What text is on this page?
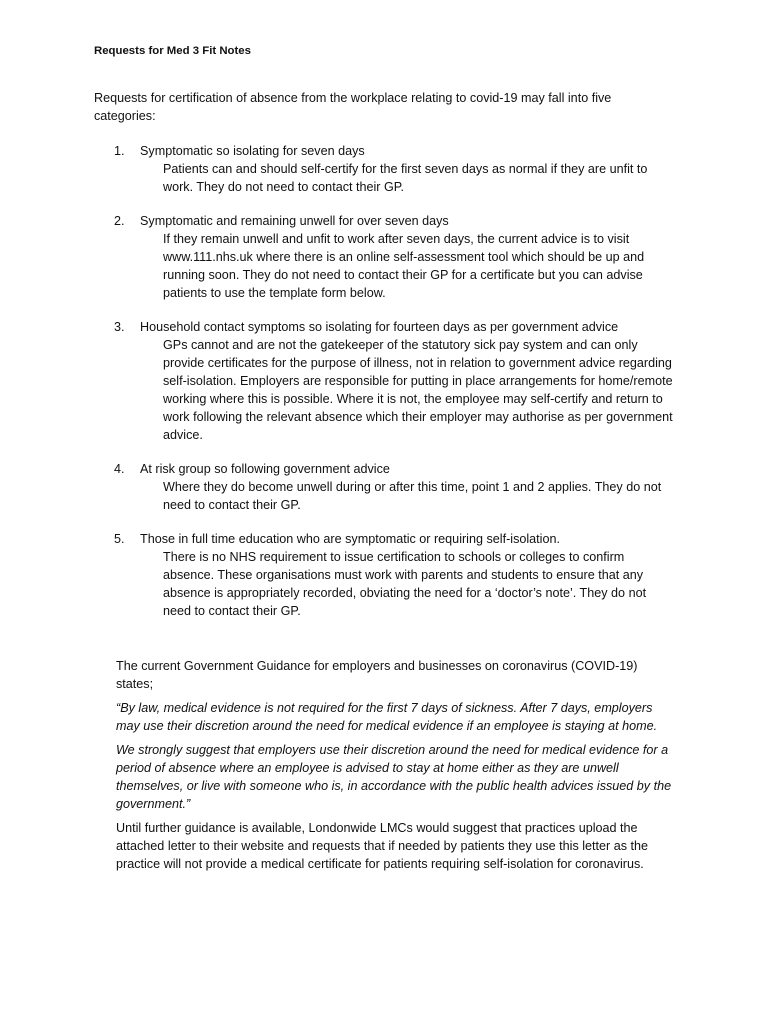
Requests for Med 3 Fit Notes
Requests for certification of absence from the workplace relating to covid-19 may fall into five categories:
1. Symptomatic so isolating for seven days
Patients can and should self-certify for the first seven days as normal if they are unfit to work. They do not need to contact their GP.
2. Symptomatic and remaining unwell for over seven days
If they remain unwell and unfit to work after seven days, the current advice is to visit www.111.nhs.uk where there is an online self-assessment tool which should be up and running soon. They do not need to contact their GP for a certificate but you can advise patients to use the template form below.
3. Household contact symptoms so isolating for fourteen days as per government advice
GPs cannot and are not the gatekeeper of the statutory sick pay system and can only provide certificates for the purpose of illness, not in relation to government advice regarding self-isolation. Employers are responsible for putting in place arrangements for home/remote working where this is possible. Where it is not, the employee may self-certify and return to work following the relevant absence which their employer may authorise as per government advice.
4. At risk group so following government advice
Where they do become unwell during or after this time, point 1 and 2 applies. They do not need to contact their GP.
5. Those in full time education who are symptomatic or requiring self-isolation.
There is no NHS requirement to issue certification to schools or colleges to confirm absence. These organisations must work with parents and students to ensure that any absence is appropriately recorded, obviating the need for a ‘doctor’s note’. They do not need to contact their GP.

The current Government Guidance for employers and businesses on coronavirus (COVID-19) states;

“By law, medical evidence is not required for the first 7 days of sickness. After 7 days, employers may use their discretion around the need for medical evidence if an employee is staying at home.

We strongly suggest that employers use their discretion around the need for medical evidence for a period of absence where an employee is advised to stay at home either as they are unwell themselves, or live with someone who is, in accordance with the public health advices issued by the government.”

Until further guidance is available, Londonwide LMCs would suggest that practices upload the attached letter to their website and requests that if needed by patients they use this letter as the practice will not provide a medical certificate for patients requiring self-isolation for coronavirus.
